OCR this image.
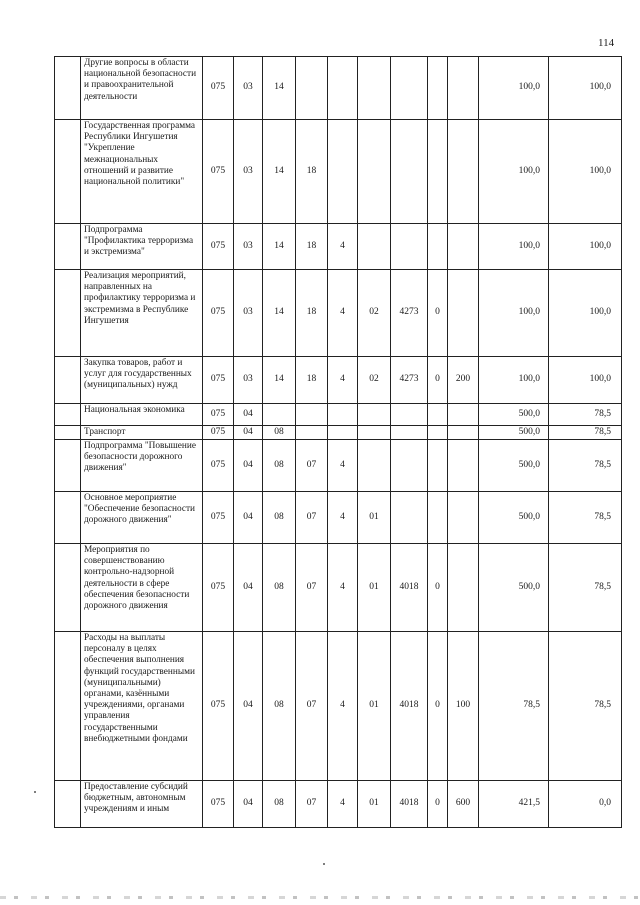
114
	Другие вопросы в области национальной безопасности и правоохранительной деятельности	075	03	14							100,0	100,0
	Государственная программа Республики Ингушетия "Укрепление межнациональных отношений и развитие национальной политики"	075	03	14	18						100,0	100,0
	Подпрограмма "Профилактика терроризма и экстремизма"	075	03	14	18	4					100,0	100,0
	Реализация мероприятий, направленных на профилактику терроризма и экстремизма в Республике Ингушетия	075	03	14	18	4	02	4273	0		100,0	100,0
	Закупка товаров, работ и услуг для государственных (муниципальных) нужд	075	03	14	18	4	02	4273	0	200	100,0	100,0
	Национальная экономика	075	04								500,0	78,5
	Транспорт	075	04	08							500,0	78,5
	Подпрограмма "Повышение безопасности дорожного движения"	075	04	08	07	4					500,0	78,5
	Основное мероприятие "Обеспечение безопасности дорожного движения"	075	04	08	07	4	01				500,0	78,5
	Мероприятия по совершенствованию контрольно-надзорной деятельности в сфере обеспечения безопасности дорожного движения	075	04	08	07	4	01	4018	0		500,0	78,5
	Расходы на выплаты персоналу в целях обеспечения выполнения функций государственными (муниципальными) органами, казёнными учреждениями, органами управления государственными внебюджетными фондами	075	04	08	07	4	01	4018	0	100	78,5	78,5
	Предоставление субсидий бюджетным, автономным учреждениям и иным	075	04	08	07	4	01	4018	0	600	421,5	0,0
